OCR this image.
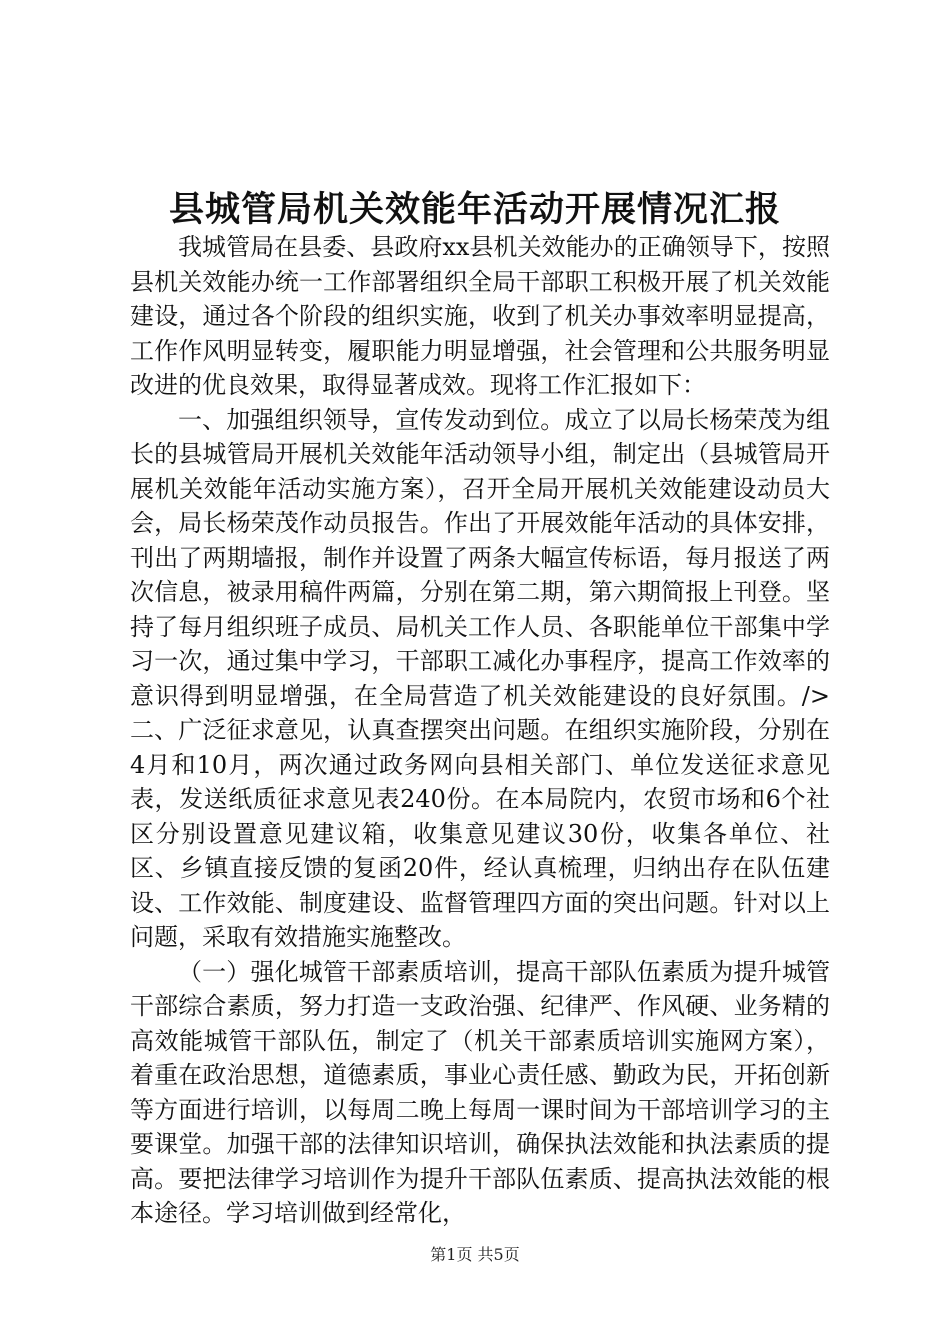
县城管局机关效能年活动开展情况汇报

我城管局在县委、县政府xx县机关效能办的正确领导下，按照县机关效能办统一工作部署组织全局干部职工积极开展了机关效能建设，通过各个阶段的组织实施，收到了机关办事效率明显提高，工作作风明显转变，履职能力明显增强，社会管理和公共服务明显改进的优良效果，取得显著成效。现将工作汇报如下：

一、加强组织领导，宣传发动到位。成立了以局长杨荣茂为组长的县城管局开展机关效能年活动领导小组，制定出（县城管局开展机关效能年活动实施方案），召开全局开展机关效能建设动员大会，局长杨荣茂作动员报告。作出了开展效能年活动的具体安排，刊出了两期墙报，制作并设置了两条大幅宣传标语，每月报送了两次信息，被录用稿件两篇，分别在第二期，第六期简报上刊登。坚持了每月组织班子成员、局机关工作人员、各职能单位干部集中学习一次，通过集中学习，干部职工减化办事程序，提高工作效率的意识得到明显增强，在全局营造了机关效能建设的良好氛围。/>二、广泛征求意见，认真查摆突出问题。在组织实施阶段，分别在4月和10月，两次通过政务网向县相关部门、单位发送征求意见表，发送纸质征求意见表240份。在本局院内，农贸市场和6个社区分别设置意见建议箱，收集意见建议30份，收集各单位、社区、乡镇直接反馈的复函20件，经认真梳理，归纳出存在队伍建设、工作效能、制度建设、监督管理四方面的突出问题。针对以上问题，采取有效措施实施整改。

（一）强化城管干部素质培训，提高干部队伍素质为提升城管干部综合素质，努力打造一支政治强、纪律严、作风硬、业务精的高效能城管干部队伍，制定了（机关干部素质培训实施网方案），着重在政治思想，道德素质，事业心责任感、勤政为民，开拓创新等方面进行培训，以每周二晚上每周一课时间为干部培训学习的主要课堂。加强干部的法律知识培训，确保执法效能和执法素质的提高。要把法律学习培训作为提升干部队伍素质、提高执法效能的根本途径。学习培训做到经常化，

第1页 共5页
